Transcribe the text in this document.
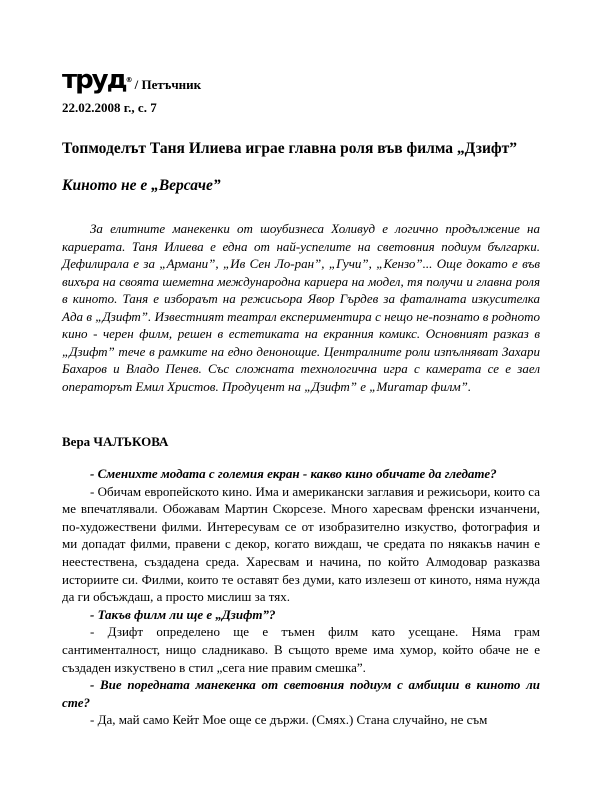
труд® / Петъчник
22.02.2008 г., с. 7
Топмоделът Таня Илиева играе главна роля във филма „Дзифт”
Киното не е „Версаче”

За елитните манекенки от шоубизнеса Холивуд е логично продължение на кариерата. Таня Илиева е една от най-успелите на световния подиум българки. Дефилирала е за „Армани”, „Ив Сен Ло-ран”, „Гучи”, „Кензо”... Още докато е във вихъра на своята шеметна международна кариера на модел, тя получи и главна роля в киното. Таня е избораът на режисьора Явор Гърдев за фаталната изкусителка Ада в „Дзифт”. Известният театрал експериментира с нещо не-познато в родното кино - черен филм, решен в естетиката на екранния комикс. Основният разказ в „Дзифт” тече в рамките на едно денонощие. Централните роли изпълняват Захари Бахаров и Владо Пенев. Със сложната технологична игра с камерата се е заел операторът Емил Христов. Продуцент на „Дзифт” е „Миramар филм”.

Вера ЧАЛЪКОВА

- Сменихте модата с големия екран - какво кино обичате да гледате?

- Обичам европейското кино. Има и американски заглавия и режисьори, които са ме впечатлявали. Обожавам Мартин Скорсезе. Много харесвам френски изчанчени, по-художествени филми. Интересувам се от изобразително изкуство, фотография и ми допадат филми, правени с декор, когато виждаш, че средата по някакъв начин е неестествена, създадена среда. Харесвам и начина, по който Алмодовар разказва историите си. Филми, които те оставят без думи, като излезеш от киното, няма нужда да ги обсъждаш, а просто мислиш за тях.

- Такъв филм ли ще е „Дзифт”?

- Дзифт определено ще е тъмен филм като усещане. Няма грам сантименталност, нищо сладникаво. В същото време има хумор, който обаче не е създаден изкуствено в стил „сега ние правим смешка”.

- Вие поредната манекенка от световния подиум с амбиции в киното ли сте?

- Да, май само Кейт Мое още се държи. (Смях.) Стана случайно, не съм
